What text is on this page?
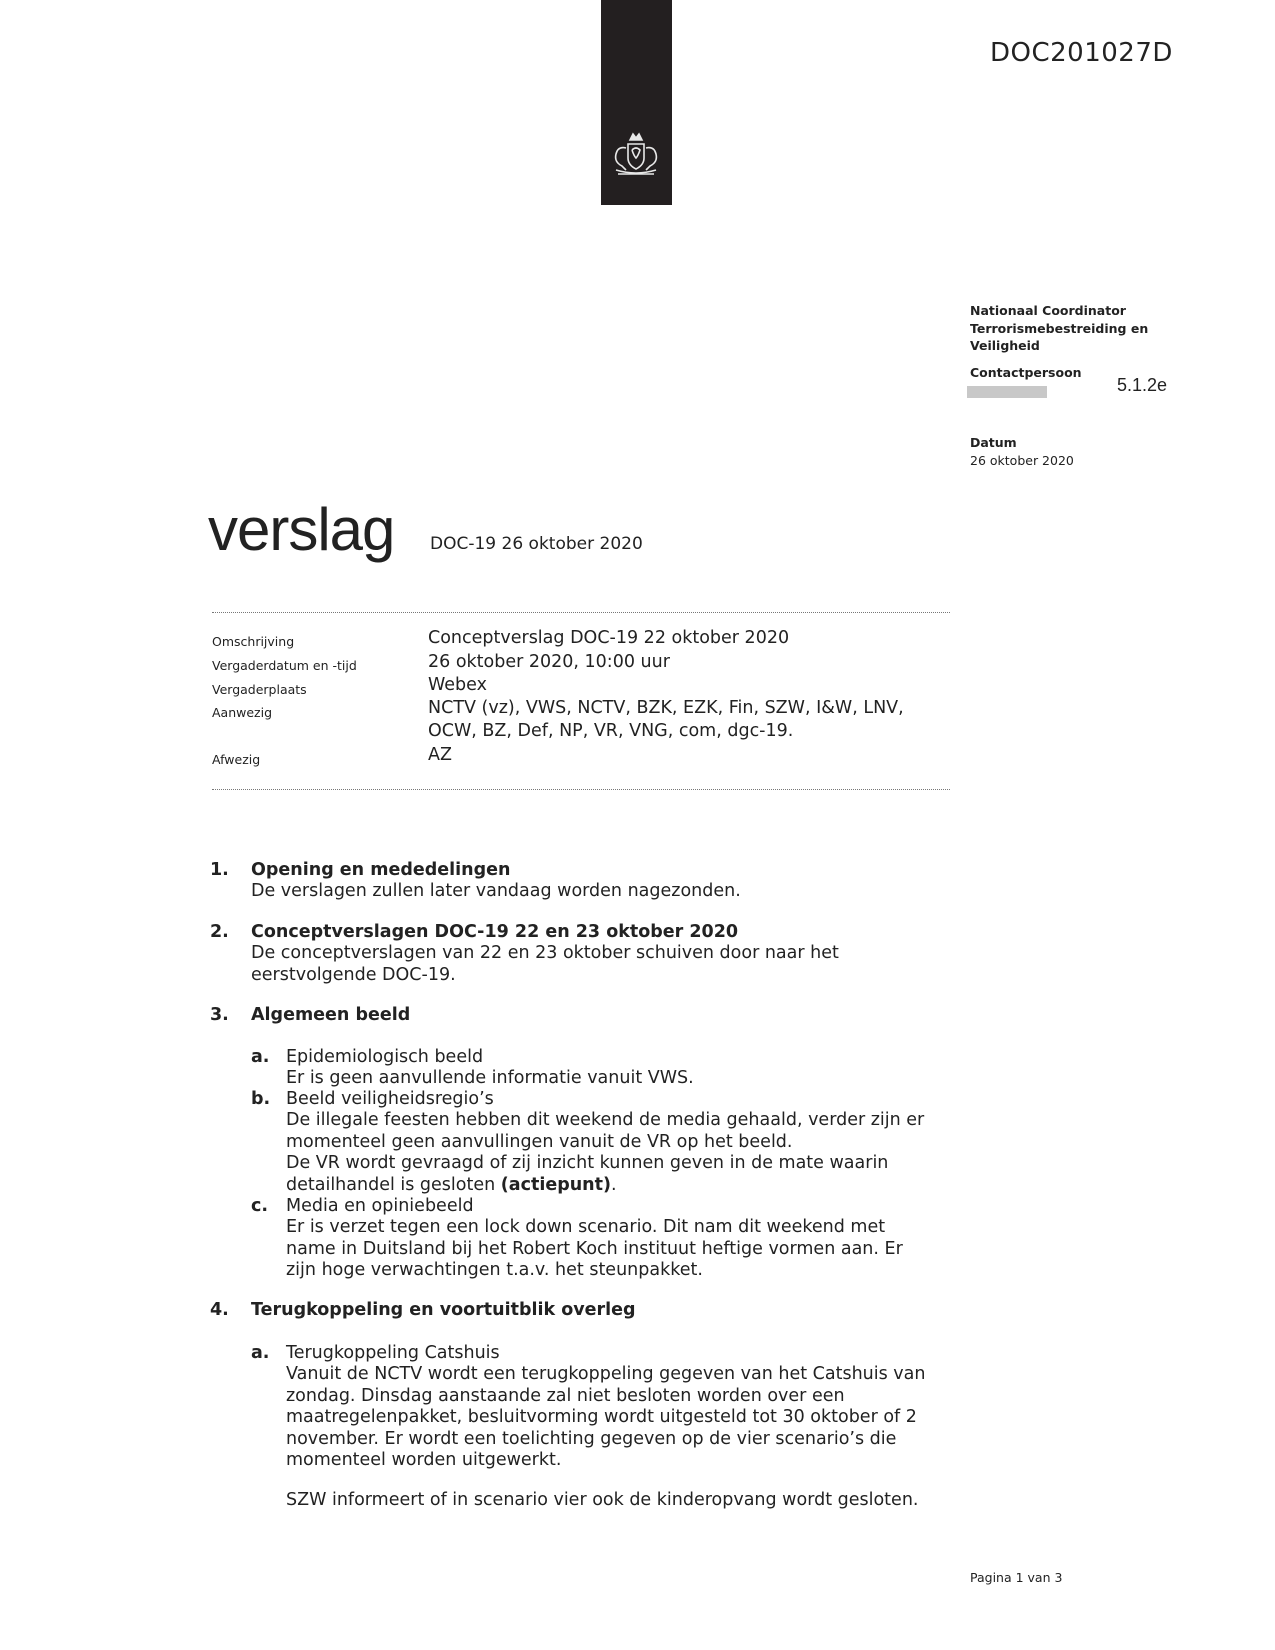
DOC201027D
Nationaal Coordinator
Terrorismebestreiding en
Veiligheid
Contactpersoon
5.1.2e
Datum
26 oktober 2020
verslag DOC-19 26 oktober 2020
Omschrijving	Conceptverslag DOC-19 22 oktober 2020
Vergaderdatum en -tijd	26 oktober 2020, 10:00 uur
Vergaderplaats	Webex
Aanwezig	NCTV (vz), VWS, NCTV, BZK, EZK, Fin, SZW, I&W, LNV,
OCW, BZ, Def, NP, VR, VNG, com, dgc-19.
Afwezig	AZ
1. Opening en mededelingen
De verslagen zullen later vandaag worden nagezonden.
2. Conceptverslagen DOC-19 22 en 23 oktober 2020
De conceptverslagen van 22 en 23 oktober schuiven door naar het
eerstvolgende DOC-19.
3. Algemeen beeld
a. Epidemiologisch beeld
Er is geen aanvullende informatie vanuit VWS.
b. Beeld veiligheidsregio’s
De illegale feesten hebben dit weekend de media gehaald, verder zijn er
momenteel geen aanvullingen vanuit de VR op het beeld.
De VR wordt gevraagd of zij inzicht kunnen geven in de mate waarin
detailhandel is gesloten (actiepunt).
c. Media en opiniebeeld
Er is verzet tegen een lock down scenario. Dit nam dit weekend met
name in Duitsland bij het Robert Koch instituut heftige vormen aan. Er
zijn hoge verwachtingen t.a.v. het steunpakket.
4. Terugkoppeling en voortuitblik overleg
a. Terugkoppeling Catshuis
Vanuit de NCTV wordt een terugkoppeling gegeven van het Catshuis van
zondag. Dinsdag aanstaande zal niet besloten worden over een
maatregelenpakket, besluitvorming wordt uitgesteld tot 30 oktober of 2
november. Er wordt een toelichting gegeven op de vier scenario’s die
momenteel worden uitgewerkt.
SZW informeert of in scenario vier ook de kinderopvang wordt gesloten.
Pagina 1 van 3
